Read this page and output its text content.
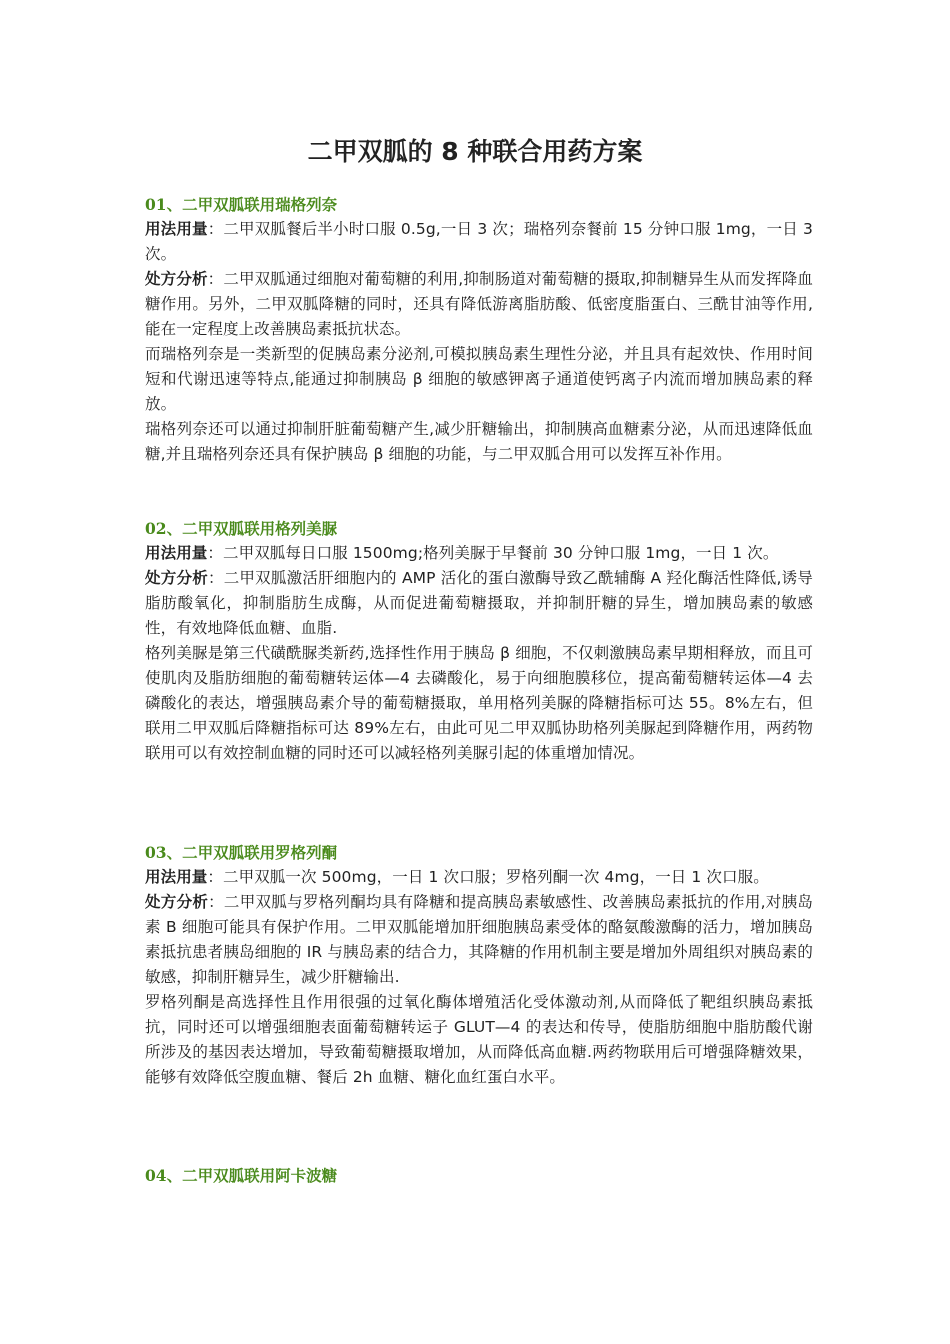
二甲双胍的 8 种联合用药方案

01、二甲双胍联用瑞格列奈

用法用量：二甲双胍餐后半小时口服 0.5g,一日 3 次；瑞格列奈餐前 15 分钟口服 1mg，一日 3 次。

处方分析：二甲双胍通过细胞对葡萄糖的利用,抑制肠道对葡萄糖的摄取,抑制糖异生从而发挥降血糖作用。另外，二甲双胍降糖的同时，还具有降低游离脂肪酸、低密度脂蛋白、三酰甘油等作用,能在一定程度上改善胰岛素抵抗状态。

而瑞格列奈是一类新型的促胰岛素分泌剂,可模拟胰岛素生理性分泌，并且具有起效快、作用时间短和代谢迅速等特点,能通过抑制胰岛 β 细胞的敏感钾离子通道使钙离子内流而增加胰岛素的释放。

瑞格列奈还可以通过抑制肝脏葡萄糖产生,减少肝糖输出，抑制胰高血糖素分泌，从而迅速降低血糖,并且瑞格列奈还具有保护胰岛 β 细胞的功能，与二甲双胍合用可以发挥互补作用。

02、二甲双胍联用格列美脲

用法用量：二甲双胍每日口服 1500mg;格列美脲于早餐前 30 分钟口服 1mg，一日 1 次。

处方分析：二甲双胍激活肝细胞内的 AMP 活化的蛋白激酶导致乙酰辅酶 A 羟化酶活性降低,诱导脂肪酸氧化，抑制脂肪生成酶，从而促进葡萄糖摄取，并抑制肝糖的异生，增加胰岛素的敏感性，有效地降低血糖、血脂.

格列美脲是第三代磺酰脲类新药,选择性作用于胰岛 β 细胞，不仅刺激胰岛素早期相释放，而且可使肌肉及脂肪细胞的葡萄糖转运体—4 去磷酸化，易于向细胞膜移位，提高葡萄糖转运体—4 去磷酸化的表达，增强胰岛素介导的葡萄糖摄取，单用格列美脲的降糖指标可达 55。8%左右，但联用二甲双胍后降糖指标可达 89%左右，由此可见二甲双胍协助格列美脲起到降糖作用，两药物联用可以有效控制血糖的同时还可以减轻格列美脲引起的体重增加情况。

03、二甲双胍联用罗格列酮

用法用量：二甲双胍一次 500mg，一日 1 次口服；罗格列酮一次 4mg，一日 1 次口服。

处方分析：二甲双胍与罗格列酮均具有降糖和提高胰岛素敏感性、改善胰岛素抵抗的作用,对胰岛素 B 细胞可能具有保护作用。二甲双胍能增加肝细胞胰岛素受体的酪氨酸激酶的活力，增加胰岛素抵抗患者胰岛细胞的 IR 与胰岛素的结合力，其降糖的作用机制主要是增加外周组织对胰岛素的敏感，抑制肝糖异生，减少肝糖输出.

罗格列酮是高选择性且作用很强的过氧化酶体增殖活化受体激动剂,从而降低了靶组织胰岛素抵抗，同时还可以增强细胞表面葡萄糖转运子 GLUT—4 的表达和传导，使脂肪细胞中脂肪酸代谢所涉及的基因表达增加，导致葡萄糖摄取增加，从而降低高血糖.两药物联用后可增强降糖效果，能够有效降低空腹血糖、餐后 2h 血糖、糖化血红蛋白水平。

04、二甲双胍联用阿卡波糖
